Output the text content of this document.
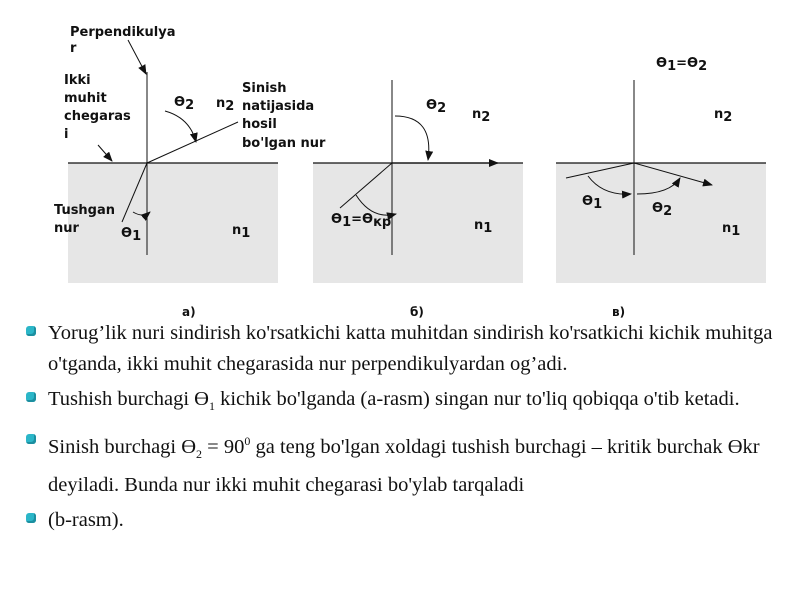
Perpendikulya r
Ikki muhit chegaras i
Sinish natijasida hosil bo'lgan nur
Tushgan nur
Ө2 n2
Ө1	n1
а)
Ө2 n2
Ө1=Өкр	n1
б)
Ө1=Ө2
n2
Ө1	Ө2
n1
в)
Yorug’lik nuri sindirish ko'rsatkichi katta muhitdan sindirish ko'rsatkichi kichik muhitga o'tganda, ikki muhit chegarasida nur perpendikulyardan og’adi.
Tushish burchagi $Ө_1$ kichik bo'lganda (a-rasm) singan nur to'liq qobiqqa o'tib ketadi.
Sinish burchagi $Ө_2 = 90^0$ ga teng bo'lgan xoldagi tushish burchagi – kritik burchak Өkr deyiladi. Bunda nur ikki muhit chegarasi bo'ylab tarqaladi
(b-rasm).
